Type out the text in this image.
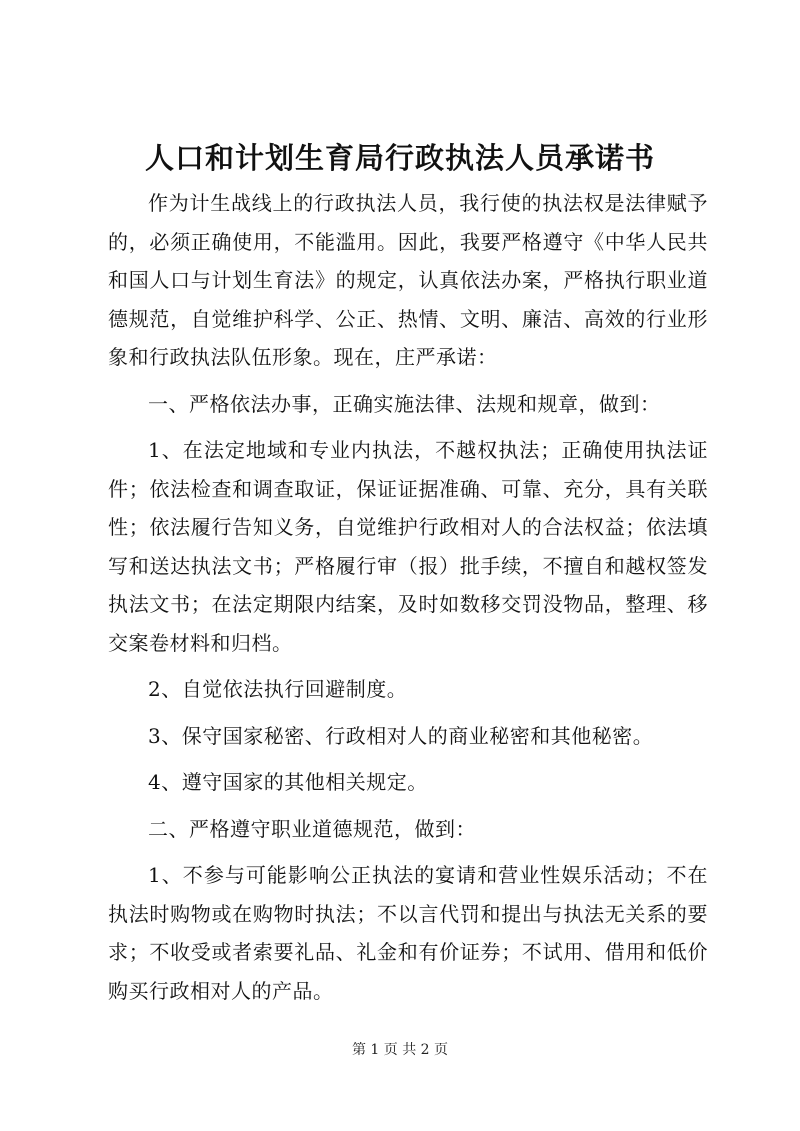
人口和计划生育局行政执法人员承诺书

作为计生战线上的行政执法人员，我行使的执法权是法律赋予的，必须正确使用，不能滥用。因此，我要严格遵守《中华人民共和国人口与计划生育法》的规定，认真依法办案，严格执行职业道德规范，自觉维护科学、公正、热情、文明、廉洁、高效的行业形象和行政执法队伍形象。现在，庄严承诺：

一、严格依法办事，正确实施法律、法规和规章，做到：

1、在法定地域和专业内执法，不越权执法；正确使用执法证件；依法检查和调查取证，保证证据准确、可靠、充分，具有关联性；依法履行告知义务，自觉维护行政相对人的合法权益；依法填写和送达执法文书；严格履行审（报）批手续，不擅自和越权签发执法文书；在法定期限内结案，及时如数移交罚没物品，整理、移交案卷材料和归档。

2、自觉依法执行回避制度。

3、保守国家秘密、行政相对人的商业秘密和其他秘密。

4、遵守国家的其他相关规定。

二、严格遵守职业道德规范，做到：

1、不参与可能影响公正执法的宴请和营业性娱乐活动；不在执法时购物或在购物时执法；不以言代罚和提出与执法无关系的要求；不收受或者索要礼品、礼金和有价证券；不试用、借用和低价购买行政相对人的产品。

第 1 页 共 2 页
